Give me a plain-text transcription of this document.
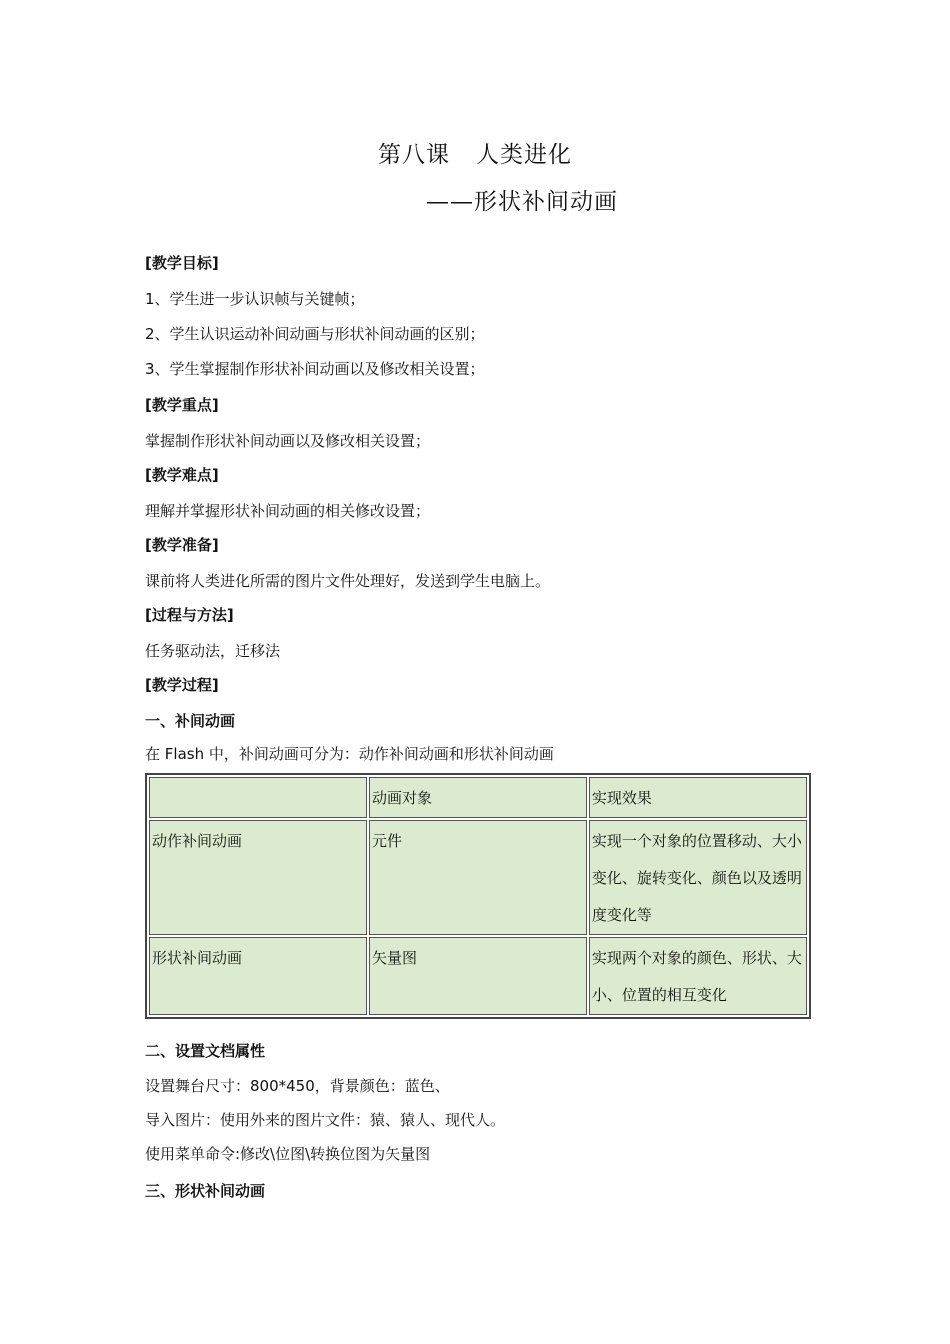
第八课 人类进化
——形状补间动画
[教学目标]
1、学生进一步认识帧与关键帧；
2、学生认识运动补间动画与形状补间动画的区别；
3、学生掌握制作形状补间动画以及修改相关设置；
[教学重点]
掌握制作形状补间动画以及修改相关设置；
[教学难点]
理解并掌握形状补间动画的相关修改设置；
[教学准备]
课前将人类进化所需的图片文件处理好，发送到学生电脑上。
[过程与方法]
任务驱动法，迁移法
[教学过程]
一、补间动画
在 Flash 中，补间动画可分为：动作补间动画和形状补间动画
	动画对象	实现效果
动作补间动画	元件	实现一个对象的位置移动、大小变化、旋转变化、颜色以及透明度变化等
形状补间动画	矢量图	实现两个对象的颜色、形状、大小、位置的相互变化
二、设置文档属性
设置舞台尺寸：800*450，背景颜色：蓝色、
导入图片：使用外来的图片文件：猿、猿人、现代人。
使用菜单命令:修改\位图\转换位图为矢量图
三、形状补间动画
